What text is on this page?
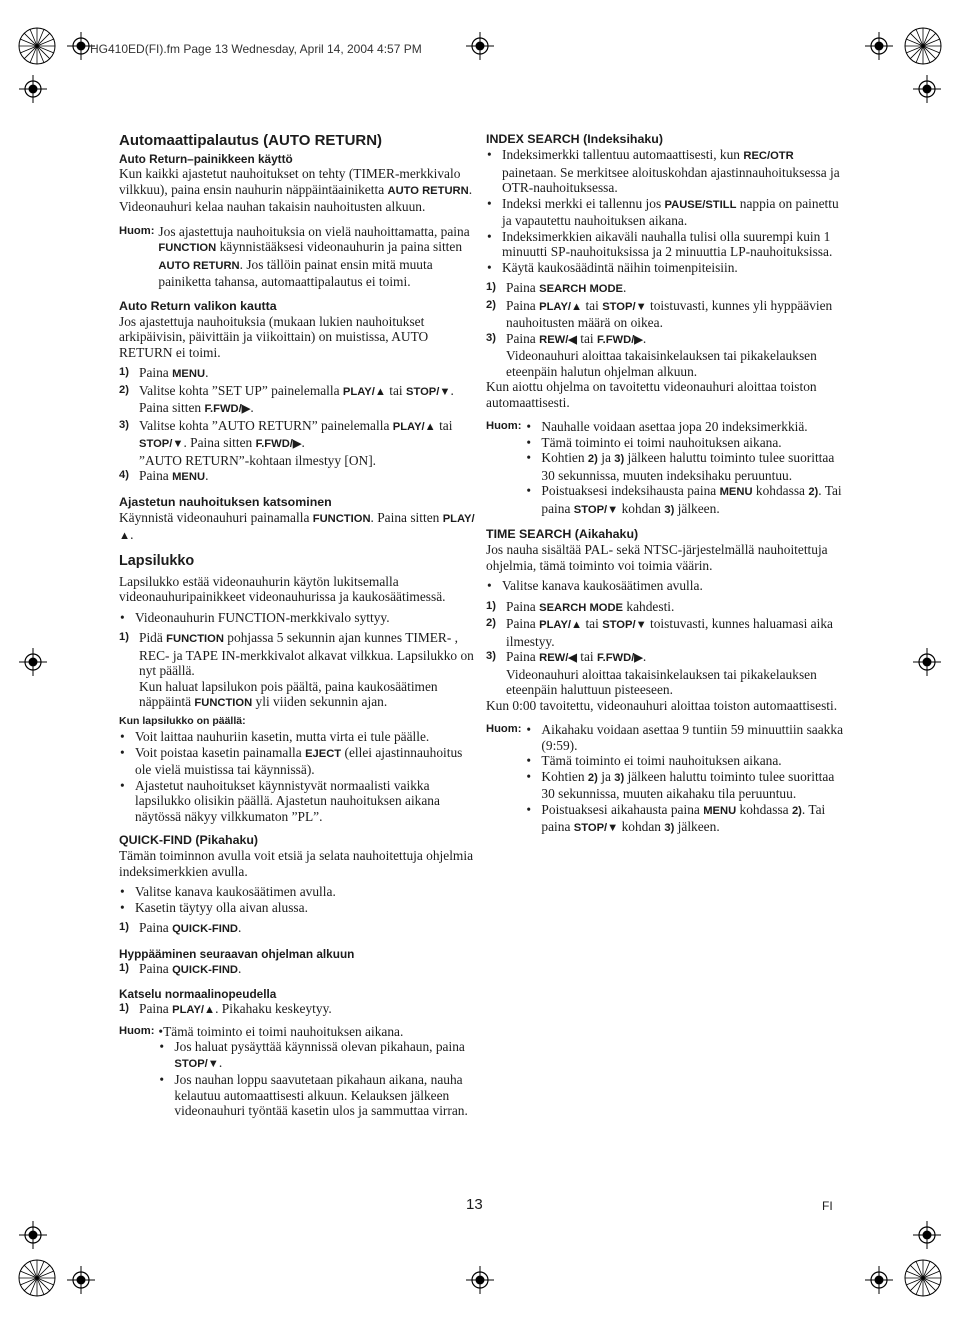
HG410ED(FI).fm Page 13 Wednesday, April 14, 2004 4:57 PM
Automaattipalautus (AUTO RETURN)
Auto Return–painikkeen käyttö

Kun kaikki ajastetut nauhoitukset on tehty (TIMER-merkkivalo vilkkuu), paina ensin nauhurin näppäintäainiketta AUTO RETURN. Videonauhuri kelaa nauhan takaisin nauhoitusten alkuun.

Huom: Jos ajastettuja nauhoituksia on vielä nauhoittamatta, paina FUNCTION käynnistääksesi videonauhurin ja paina sitten AUTO RETURN. Jos tällöin painat ensin mitä muuta painiketta tahansa, automaattipalautus ei toimi.
Auto Return valikon kautta

Jos ajastettuja nauhoituksia (mukaan lukien nauhoitukset arkipäivisin, päivittäin ja viikoittain) on muistissa, AUTO RETURN ei toimi.

1) Paina MENU.
2) Valitse kohta ”SET UP” painelemalla PLAY/▲ tai STOP/▼. Paina sitten F.FWD/▶.
3) Valitse kohta ”AUTO RETURN” painelemalla PLAY/▲ tai STOP/▼. Paina sitten F.FWD/▶.
”AUTO RETURN”-kohtaan ilmestyy [ON].
4) Paina MENU.
Ajastetun nauhoituksen katsominen

Käynnistä videonauhuri painamalla FUNCTION. Paina sitten PLAY/▲.

Lapsilukko

Lapsilukko estää videonauhurin käytön lukitsemalla videonauhuripainikkeet videonauhurissa ja kaukosäätimessä.

• Videonauhurin FUNCTION-merkkivalo syttyy.
1) Pidä FUNCTION pohjassa 5 sekunnin ajan kunnes TIMER- , REC- ja TAPE IN-merkkivalot alkavat vilkkua. Lapsilukko on nyt päällä.
Kun haluat lapsilukon pois päältä, paina kaukosäätimen näppäintä FUNCTION yli viiden sekunnin ajan.
Kun lapsilukko on päällä:
• Voit laittaa nauhuriin kasetin, mutta virta ei tule päälle.
• Voit poistaa kasetin painamalla EJECT (ellei ajastinnauhoitus ole vielä muistissa tai käynnissä).
• Ajastetut nauhoitukset käynnistyvät normaalisti vaikka lapsilukko olisikin päällä. Ajastetun nauhoituksen aikana näytössä näkyy vilkkumaton ”PL”.
QUICK-FIND (Pikahaku)

Tämän toiminnon avulla voit etsiä ja selata nauhoitettuja ohjelmia indeksimerkkien avulla.

• Valitse kanava kaukosäätimen avulla.
• Kasetin täytyy olla aivan alussa.
1) Paina QUICK-FIND.
Hyppääminen seuraavan ohjelman alkuun
1) Paina QUICK-FIND.
Katselu normaalinopeudella
1) Paina PLAY/▲. Pikahaku keskeytyy.
Huom: •Tämä toiminto ei toimi nauhoituksen aikana.
• Jos haluat pysäyttää käynnissä olevan pikahaun, paina STOP/▼.
• Jos nauhan loppu saavutetaan pikahaun aikana, nauha kelautuu automaattisesti alkuun. Kelauksen jälkeen videonauhuri työntää kasetin ulos ja sammuttaa virran.
INDEX SEARCH (Indeksihaku)
• Indeksimerkki tallentuu automaattisesti, kun REC/OTR painetaan. Se merkitsee aloituskohdan ajastinnauhoituksessa ja OTR-nauhoituksessa.
• Indeksi merkki ei tallennu jos PAUSE/STILL nappia on painettu ja vapautettu nauhoituksen aikana.
• Indeksimerkkien aikaväli nauhalla tulisi olla suurempi kuin 1 minuutti SP-nauhoituksissa ja 2 minuuttia LP-nauhoituksissa.
• Käytä kaukosäädintä näihin toimenpiteisiin.
1) Paina SEARCH MODE.
2) Paina PLAY/▲ tai STOP/▼ toistuvasti, kunnes yli hyppäävien nauhoitusten määrä on oikea.
3) Paina REW/◀ tai F.FWD/▶.
Videonauhuri aloittaa takaisinkelauksen tai pikakelauksen eteenpäin halutun ohjelman alkuun.

Kun aiottu ohjelma on tavoitettu videonauhuri aloittaa toiston automaattisesti.

Huom:	• Nauhalle voidaan asettaa jopa 20 indeksimerkkiä.
• Tämä toiminto ei toimi nauhoituksen aikana.
• Kohtien 2) ja 3) jälkeen haluttu toiminto tulee suorittaa 30 sekunnissa, muuten indeksihaku peruuntuu.
• Poistuaksesi indeksihausta paina MENU kohdassa 2). Tai paina STOP/▼ kohdan 3) jälkeen.
TIME SEARCH (Aikahaku)

Jos nauha sisältää PAL- sekä NTSC-järjestelmällä nauhoitettuja ohjelmia, tämä toiminto voi toimia väärin.

• Valitse kanava kaukosäätimen avulla.
1) Paina SEARCH MODE kahdesti.
2) Paina PLAY/▲ tai STOP/▼ toistuvasti, kunnes haluamasi aika ilmestyy.
3) Paina REW/◀ tai F.FWD/▶.
Videonauhuri aloittaa takaisinkelauksen tai pikakelauksen eteenpäin haluttuun pisteeseen.

Kun 0:00 tavoitettu, videonauhuri aloittaa toiston automaattisesti.

Huom:	• Aikahaku voidaan asettaa 9 tuntiin 59 minuuttiin saakka (9:59).
• Tämä toiminto ei toimi nauhoituksen aikana.
• Kohtien 2) ja 3) jälkeen haluttu toiminto tulee suorittaa 30 sekunnissa, muuten aikahaku tila peruuntuu.
• Poistuaksesi aikahausta paina MENU kohdassa 2). Tai paina STOP/▼ kohdan 3) jälkeen.
13	FI
